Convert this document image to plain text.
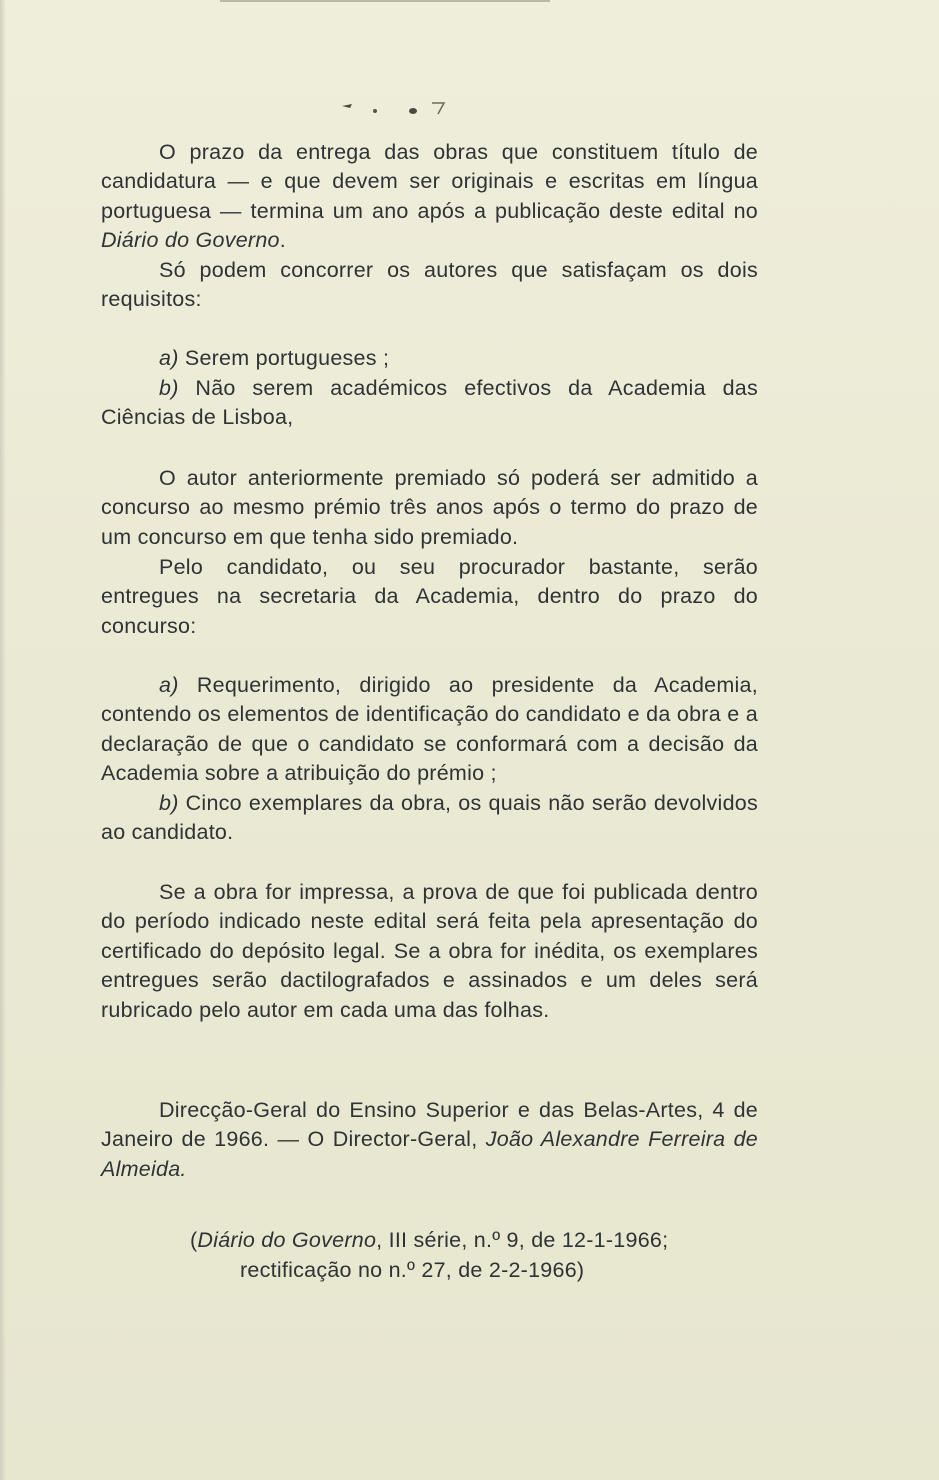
O prazo da entrega das obras que constituem título de candidatura — e que devem ser originais e escritas em língua portuguesa — termina um ano após a publicação deste edital no Diário do Governo.

Só podem concorrer os autores que satisfaçam os dois requisitos:

a) Serem portugueses ;

b) Não serem académicos efectivos da Academia das Ciências de Lisboa,

O autor anteriormente premiado só poderá ser admitido a concurso ao mesmo prémio três anos após o termo do prazo de um concurso em que tenha sido premiado.

Pelo candidato, ou seu procurador bastante, serão entregues na secretaria da Academia, dentro do prazo do concurso:

a) Requerimento, dirigido ao presidente da Academia, contendo os elementos de identificação do candidato e da obra e a declaração de que o candidato se conformará com a decisão da Academia sobre a atribuição do prémio ;

b) Cinco exemplares da obra, os quais não serão devolvidos ao candidato.

Se a obra for impressa, a prova de que foi publicada dentro do período indicado neste edital será feita pela apresentação do certificado do depósito legal. Se a obra for inédita, os exemplares entregues serão dactilografados e assinados e um deles será rubricado pelo autor em cada uma das folhas.

Direcção-Geral do Ensino Superior e das Belas-Artes, 4 de Janeiro de 1966. — O Director-Geral, João Alexandre Ferreira de Almeida.

(Diário do Governo, III série, n.º 9, de 12-1-1966;

rectificação no n.º 27, de 2-2-1966)
